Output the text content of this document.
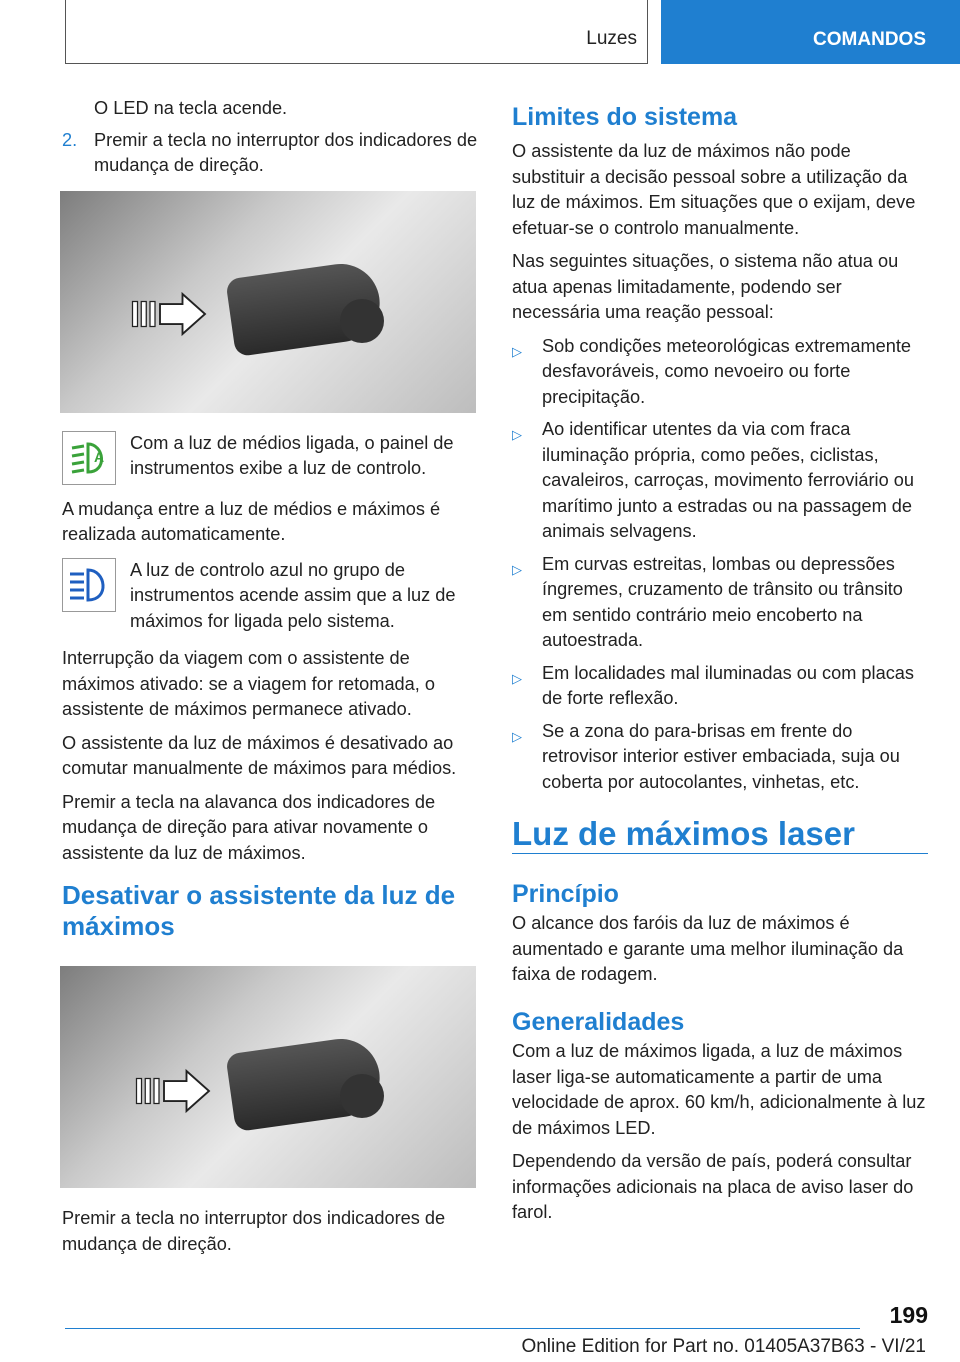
Luzes	COMANDOS
O LED na tecla acende.
2. Premir a tecla no interruptor dos indicadores de mudança de direção.
A
Com a luz de médios ligada, o painel de instrumentos exibe a luz de controlo.

A mudança entre a luz de médios e máximos é realizada automaticamente.

A luz de controlo azul no grupo de instrumentos acende assim que a luz de máximos for ligada pelo sistema.

Interrupção da viagem com o assistente de máximos ativado: se a viagem for retomada, o assistente de máximos permanece ativado.

O assistente da luz de máximos é desativado ao comutar manualmente de máximos para médios.

Premir a tecla na alavanca dos indicadores de mudança de direção para ativar novamente o assistente da luz de máximos.

Desativar o assistente da luz de máximos

Premir a tecla no interruptor dos indicadores de mudança de direção.

Limites do sistema

O assistente da luz de máximos não pode substituir a decisão pessoal sobre a utilização da luz de máximos. Em situações que o exijam, deve efetuar-se o controlo manualmente.

Nas seguintes situações, o sistema não atua ou atua apenas limitadamente, podendo ser necessária uma reação pessoal:

▷	Sob condições meteorológicas extremamente desfavoráveis, como nevoeiro ou forte precipitação.
▷	Ao identificar utentes da via com fraca iluminação própria, como peões, ciclistas, cavaleiros, carroças, movimento ferroviário ou marítimo junto a estradas ou na passagem de animais selvagens.
▷	Em curvas estreitas, lombas ou depressões íngremes, cruzamento de trânsito ou trânsito em sentido contrário meio encoberto na autoestrada.
▷	Em localidades mal iluminadas ou com placas de forte reflexão.
▷	Se a zona do para-brisas em frente do retrovisor interior estiver embaciada, suja ou coberta por autocolantes, vinhetas, etc.
Luz de máximos laser
Princípio

O alcance dos faróis da luz de máximos é aumentado e garante uma melhor iluminação da faixa de rodagem.

Generalidades

Com a luz de máximos ligada, a luz de máximos laser liga-se automaticamente a partir de uma velocidade de aprox. 60 km/h, adicionalmente à luz de máximos LED.

Dependendo da versão de país, poderá consultar informações adicionais na placa de aviso laser do farol.

199
Online Edition for Part no. 01405A37B63 - VI/21
